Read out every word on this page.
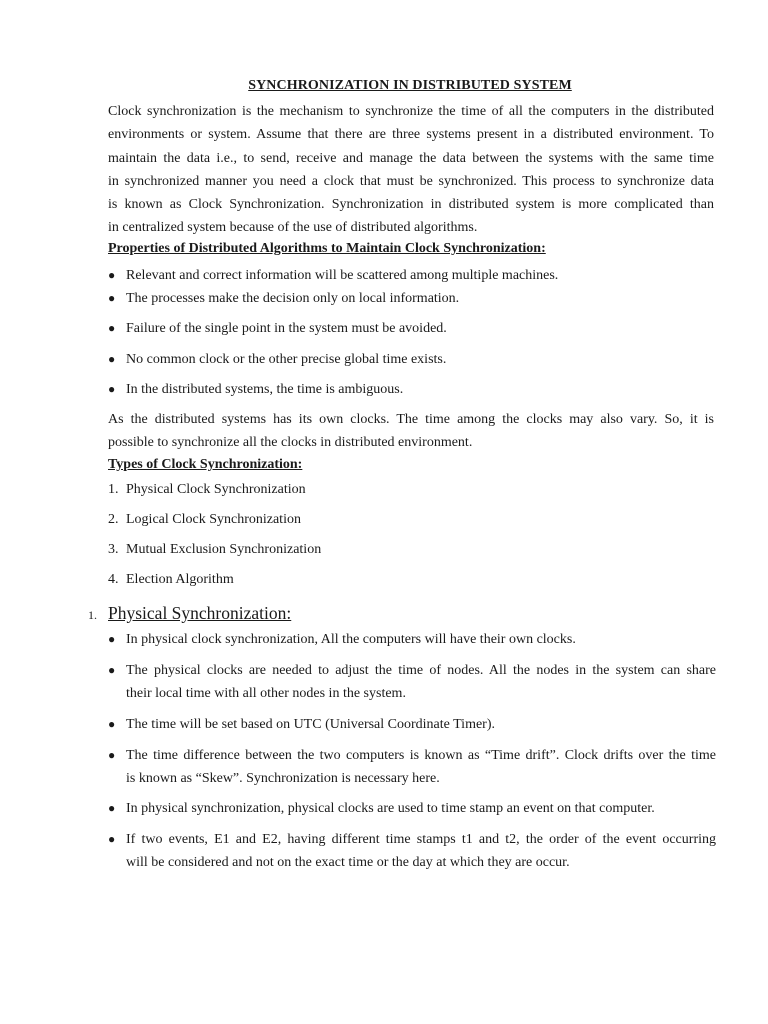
SYNCHRONIZATION IN DISTRIBUTED SYSTEM
Clock synchronization is the mechanism to synchronize the time of all the computers in the distributed
environments or system. Assume that there are three systems present in a distributed environment. To
maintain the data i.e., to send, receive and manage the data between the systems with the same time
in synchronized manner you need a clock that must be synchronized. This process to synchronize data
is known as Clock Synchronization. Synchronization in distributed system is more complicated than
in centralized system because of the use of distributed algorithms.
Properties of Distributed Algorithms to Maintain Clock Synchronization:
● Relevant and correct information will be scattered among multiple machines.
● The processes make the decision only on local information.
● Failure of the single point in the system must be avoided.
● No common clock or the other precise global time exists.
● In the distributed systems, the time is ambiguous.
As the distributed systems has its own clocks. The time among the clocks may also vary. So, it is
possible to synchronize all the clocks in distributed environment.
Types of Clock Synchronization:
1. Physical Clock Synchronization
2. Logical Clock Synchronization
3. Mutual Exclusion Synchronization
4. Election Algorithm
1. Physical Synchronization:
● In physical clock synchronization, All the computers will have their own clocks.
● The physical clocks are needed to adjust the time of nodes. All the nodes in the system can share
their local time with all other nodes in the system.
● The time will be set based on UTC (Universal Coordinate Timer).
● The time difference between the two computers is known as “Time drift”. Clock drifts over the time
is known as “Skew”. Synchronization is necessary here.
● In physical synchronization, physical clocks are used to time stamp an event on that computer.
● If two events, E1 and E2, having different time stamps t1 and t2, the order of the event occurring
will be considered and not on the exact time or the day at which they are occur.
